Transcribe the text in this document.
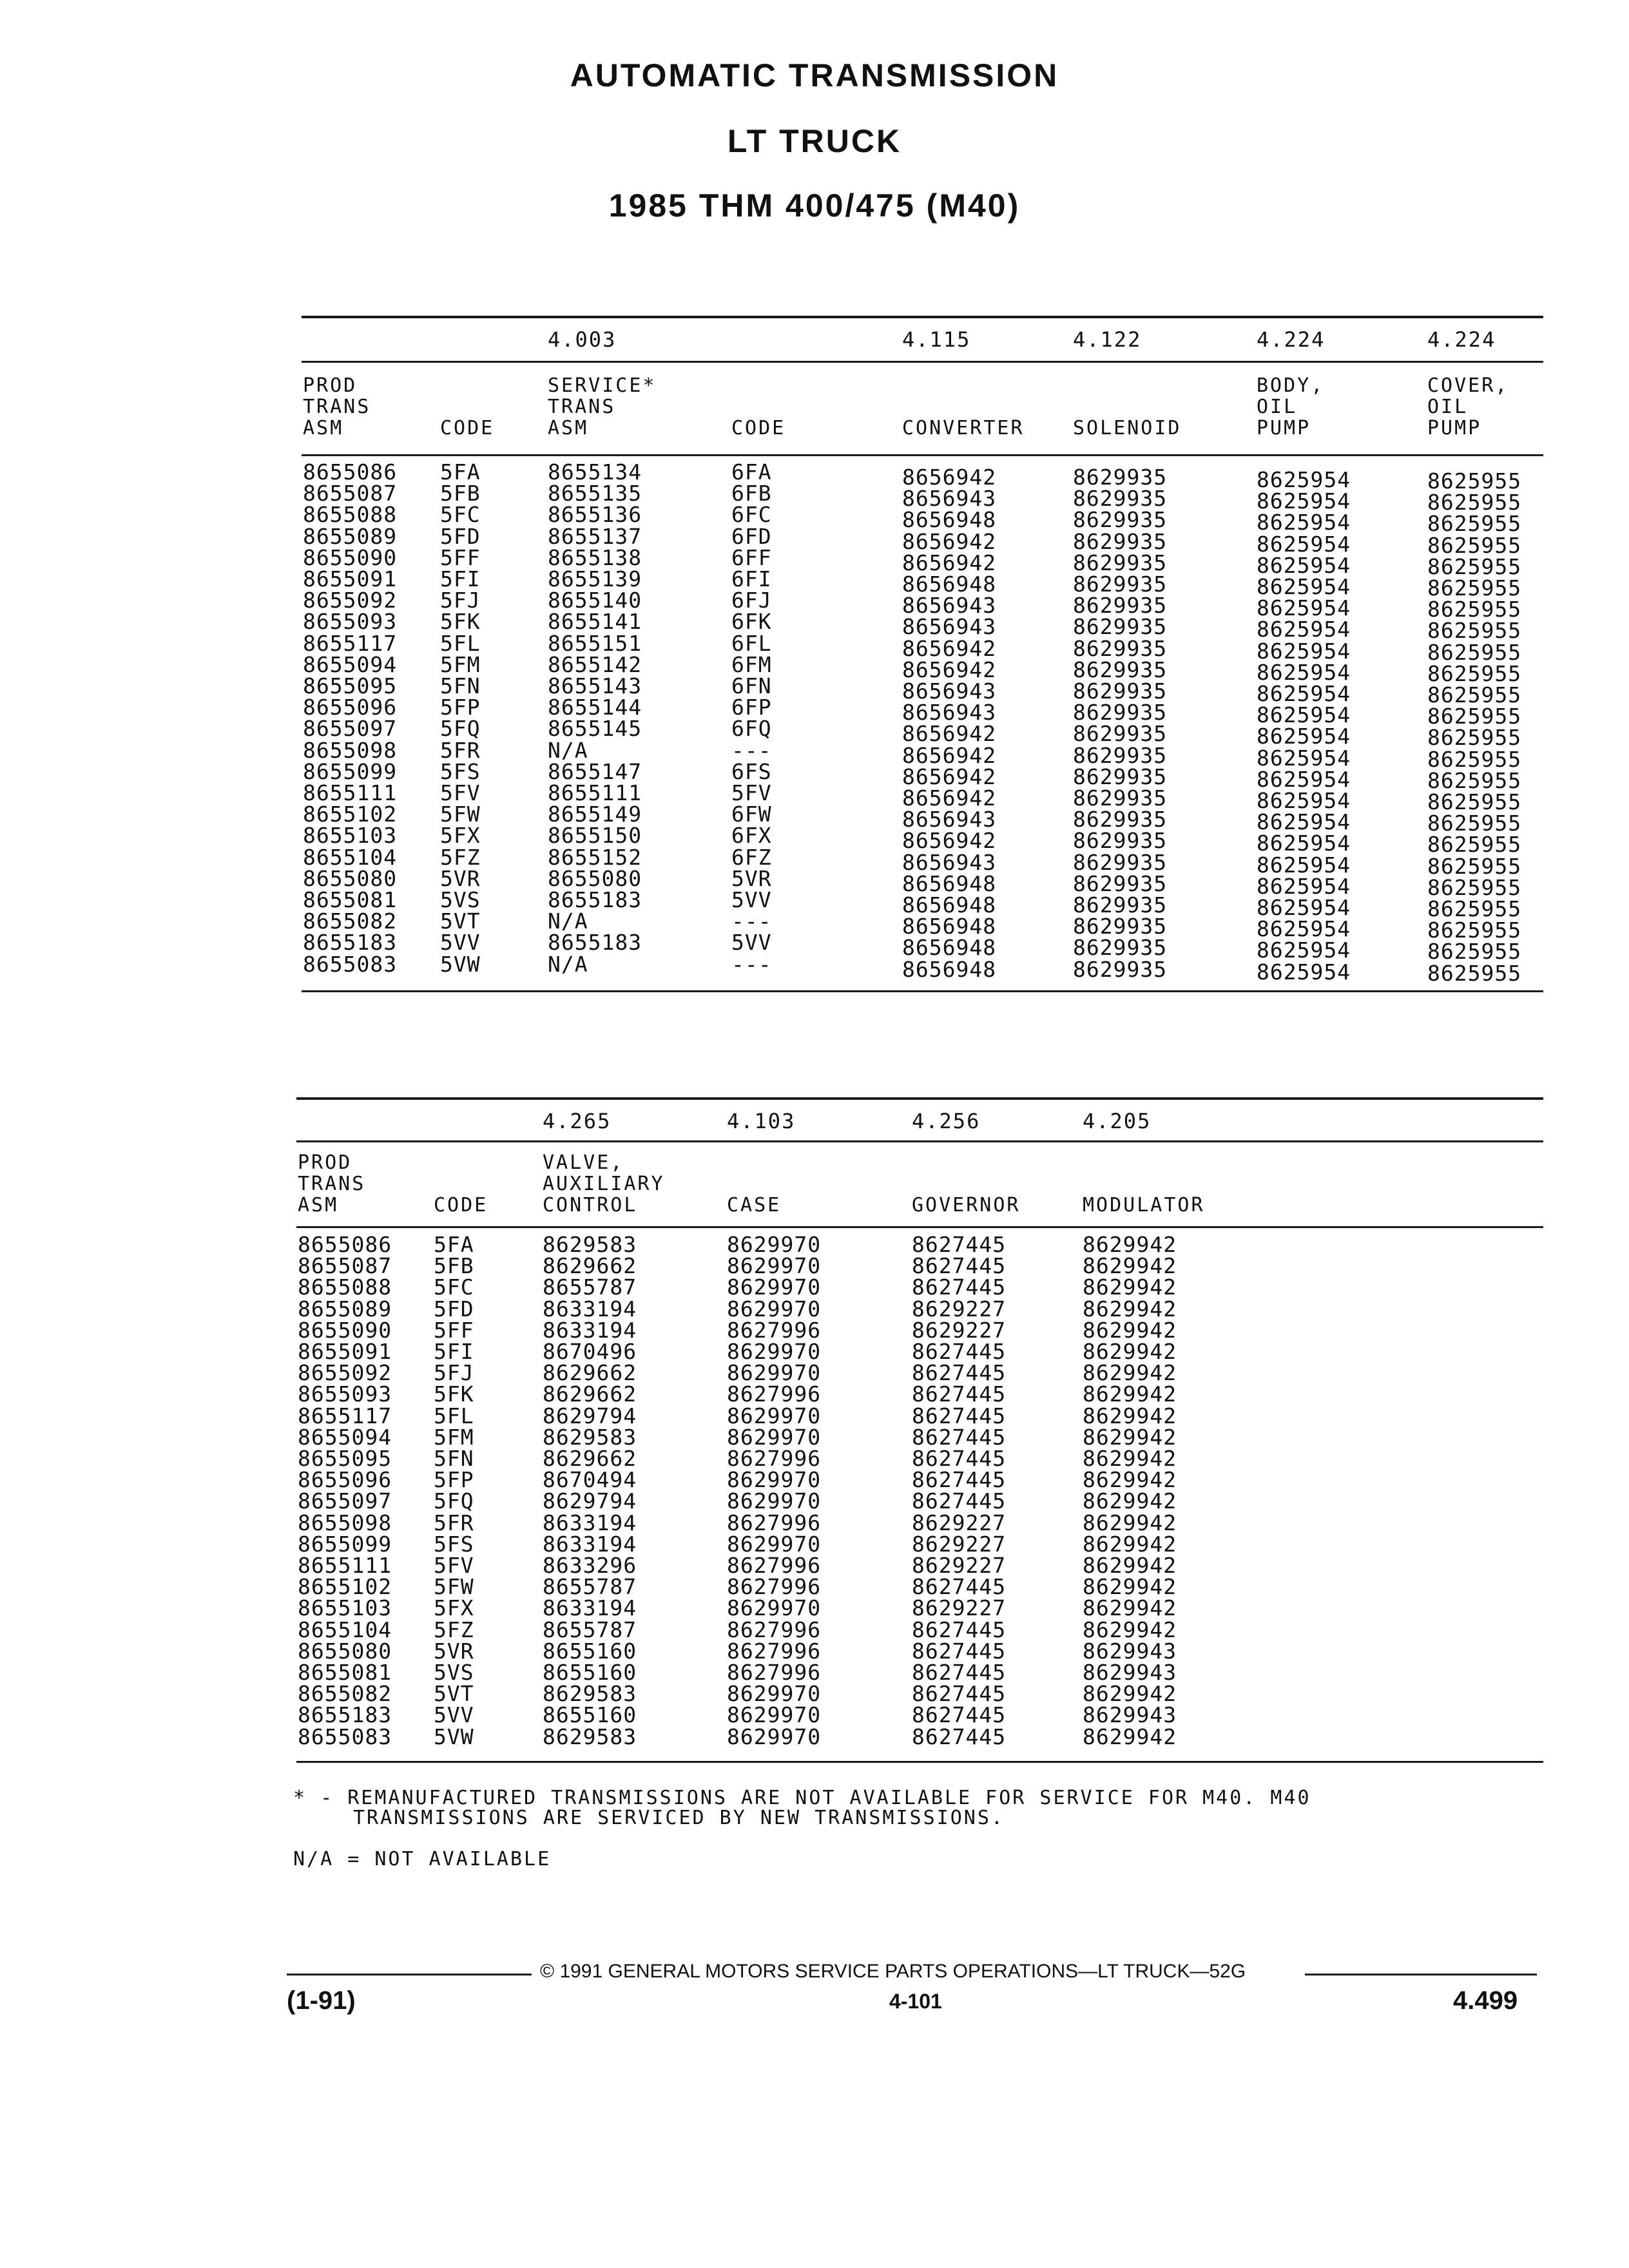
AUTOMATIC TRANSMISSION
LT TRUCK
1985 THM 400/475 (M40)
4.003	4.115	4.122	4.224	4.224
PROD
TRANS
ASM	CODE
SERVICE*
TRANS
ASM	CODE	CONVERTER	SOLENOID
BODY,
OIL
PUMP
COVER,
OIL
PUMP
8655086 5FA	8655134	6FA	8656942	8629935	8625954	8625955
8655087 5FB	8655135	6FB	8656943	8629935	8625954	8625955
8655088 5FC	8655136	6FC	8656948	8629935	8625954	8625955
8655089 5FD	8655137	6FD	8656942	8629935	8625954	8625955
8655090 5FF	8655138	6FF	8656942	8629935	8625954	8625955
8655091 5FI	8655139	6FI	8656948	8629935	8625954	8625955
8655092 5FJ	8655140	6FJ	8656943	8629935	8625954	8625955
8655093 5FK	8655141	6FK	8656943	8629935	8625954	8625955
8655117 5FL	8655151	6FL	8656942	8629935	8625954	8625955
8655094 5FM	8655142	6FM	8656942	8629935	8625954	8625955
8655095 5FN	8655143	6FN	8656943	8629935	8625954	8625955
8655096 5FP	8655144	6FP	8656943	8629935	8625954	8625955
8655097 5FQ	8655145	6FQ	8656942	8629935	8625954	8625955
8655098 5FR	N/A	---	8656942	8629935	8625954	8625955
8655099 5FS	8655147	6FS	8656942	8629935	8625954	8625955
8655111 5FV	8655111	5FV	8656942	8629935	8625954	8625955
8655102 5FW	8655149	6FW	8656943	8629935	8625954	8625955
8655103 5FX	8655150	6FX	8656942	8629935	8625954	8625955
8655104 5FZ	8655152	6FZ	8656943	8629935	8625954	8625955
8655080 5VR	8655080	5VR	8656948	8629935	8625954	8625955
8655081 5VS	8655183	5VV	8656948	8629935	8625954	8625955
8655082 5VT	N/A	---	8656948	8629935	8625954	8625955
8655183 5VV	8655183	5VV	8656948	8629935	8625954	8625955
8655083 5VW	N/A	---	8656948	8629935	8625954	8625955
4.265	4.103	4.256	4.205
PROD
TRANS
ASM	CODE
VALVE,
AUXILIARY
CONTROL	CASE	GOVERNOR	MODULATOR
8655086 5FA	8629583	8629970	8627445	8629942
8655087 5FB	8629662	8629970	8627445	8629942
8655088 5FC	8655787	8629970	8627445	8629942
8655089 5FD	8633194	8629970	8629227	8629942
8655090 5FF	8633194	8627996	8629227	8629942
8655091 5FI	8670496	8629970	8627445	8629942
8655092 5FJ	8629662	8629970	8627445	8629942
8655093 5FK	8629662	8627996	8627445	8629942
8655117 5FL	8629794	8629970	8627445	8629942
8655094 5FM	8629583	8629970	8627445	8629942
8655095 5FN	8629662	8627996	8627445	8629942
8655096 5FP	8670494	8629970	8627445	8629942
8655097 5FQ	8629794	8629970	8627445	8629942
8655098 5FR	8633194	8627996	8629227	8629942
8655099 5FS	8633194	8629970	8629227	8629942
8655111 5FV	8633296	8627996	8629227	8629942
8655102 5FW	8655787	8627996	8627445	8629942
8655103 5FX	8633194	8629970	8629227	8629942
8655104 5FZ	8655787	8627996	8627445	8629942
8655080 5VR	8655160	8627996	8627445	8629943
8655081 5VS	8655160	8627996	8627445	8629943
8655082 5VT	8629583	8629970	8627445	8629942
8655183 5VV	8655160	8629970	8627445	8629943
8655083 5VW	8629583	8629970	8627445	8629942
* - REMANUFACTURED TRANSMISSIONS ARE NOT AVAILABLE FOR SERVICE FOR M40. M40
TRANSMISSIONS ARE SERVICED BY NEW TRANSMISSIONS.
N/A = NOT AVAILABLE
© 1991 GENERAL MOTORS SERVICE PARTS OPERATIONS—LT TRUCK—52G
(1-91)	4-101	4.499
